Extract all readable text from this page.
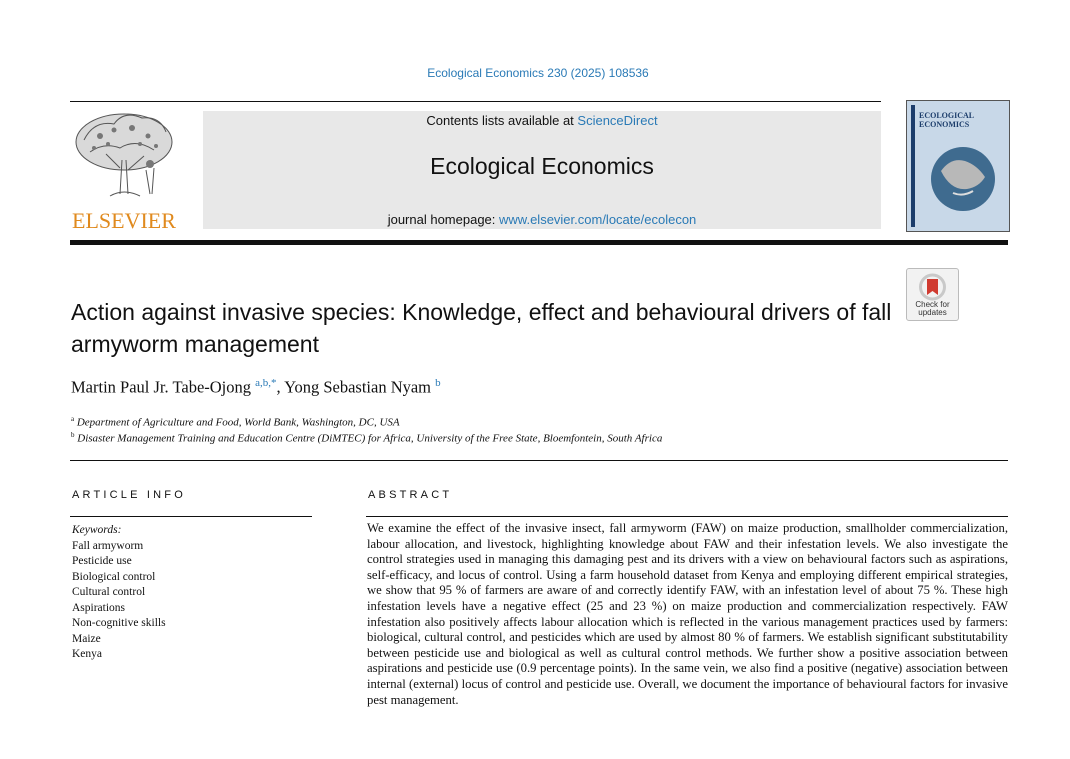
Ecological Economics 230 (2025) 108536
ELSEVIER
Contents lists available at ScienceDirect
Ecological Economics
journal homepage: www.elsevier.com/locate/ecolecon
ECOLOGICAL
ECONOMICS
Check for
updates
Action against invasive species: Knowledge, effect and behavioural drivers of fall armyworm management
Martin Paul Jr. Tabe-Ojong $^{a,b,*}$, Yong Sebastian Nyam $^b$
$^a$ Department of Agriculture and Food, World Bank, Washington, DC, USA
$^b$ Disaster Management Training and Education Centre (DiMTEC) for Africa, University of the Free State, Bloemfontein, South Africa
ARTICLE INFO	ABSTRACT
Keywords:
Fall armyworm
Pesticide use
Biological control
Cultural control
Aspirations
Non-cognitive skills
Maize
Kenya
We examine the effect of the invasive insect, fall armyworm (FAW) on maize production, smallholder commercialization, labour allocation, and livestock, highlighting knowledge about FAW and their infestation levels. We also investigate the control strategies used in managing this damaging pest and its drivers with a view on behavioural factors such as aspirations, self-efficacy, and locus of control. Using a farm household dataset from Kenya and employing different empirical strategies, we show that 95 % of farmers are aware of and correctly identify FAW, with an infestation level of about 75 %. These high infestation levels have a negative effect (25 and 23 %) on maize production and commercialization respectively. FAW infestation also positively affects labour allocation which is reflected in the various management practices used by farmers: biological, cultural control, and pesticides which are used by almost 80 % of farmers. We establish significant substitutability between pesticide use and biological as well as cultural control methods. We further show a positive association between aspirations and pesticide use (0.9 percentage points). In the same vein, we also find a positive (negative) association between internal (external) locus of control and pesticide use. Overall, we document the importance of behavioural factors for invasive pest management.
